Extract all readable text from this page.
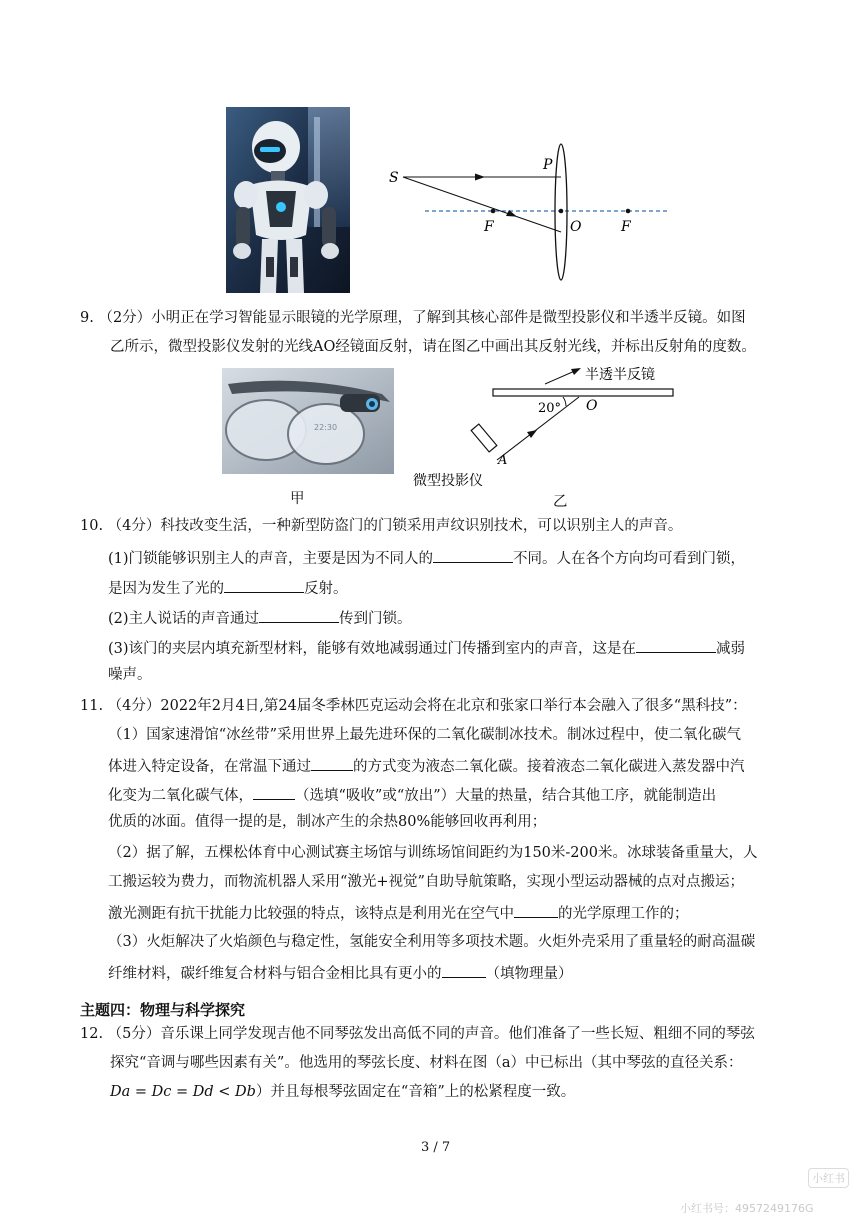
S
P
F	O	F
9. （2分）小明正在学习智能显示眼镜的光学原理，了解到其核心部件是微型投影仪和半透半反镜。如图
乙所示，微型投影仪发射的光线AO经镜面反射，请在图乙中画出其反射光线，并标出反射角的度数。
22:30
甲
半透半反镜
20° O
A
微型投影仪
乙
10. （4分）科技改变生活，一种新型防盗门的门锁采用声纹识别技术，可以识别主人的声音。
(1)门锁能够识别主人的声音，主要是因为不同人的	不同。人在各个方向均可看到门锁，
是因为发生了光的	反射。
(2)主人说话的声音通过	传到门锁。
(3)该门的夹层内填充新型材料，能够有效地减弱通过门传播到室内的声音，这是在	减弱
噪声。
11. （4分）2022年2月4日,第24届冬季林匹克运动会将在北京和张家口举行本会融入了很多“黑科技”：
（1）国家速滑馆“冰丝带”采用世界上最先进环保的二氧化碳制冰技术。制冰过程中，使二氧化碳气
体进入特定设备，在常温下通过	的方式变为液态二氧化碳。接着液态二氧化碳进入蒸发器中汽
化变为二氧化碳气体，	（选填“吸收”或“放出”）大量的热量，结合其他工序，就能制造出
优质的冰面。值得一提的是，制冰产生的余热80%能够回收再利用；
（2）据了解，五棵松体育中心测试赛主场馆与训练场馆间距约为150米-200米。冰球装备重量大，人
工搬运较为费力，而物流机器人采用“激光+视觉”自助导航策略，实现小型运动器械的点对点搬运；
激光测距有抗干扰能力比较强的特点，该特点是利用光在空气中	的光学原理工作的；
（3）火炬解决了火焰颜色与稳定性，氢能安全利用等多项技术题。火炬外壳采用了重量轻的耐高温碳
纤维材料，碳纤维复合材料与铝合金相比具有更小的	（填物理量）
主题四：物理与科学探究
12. （5分）音乐课上同学发现吉他不同琴弦发出高低不同的声音。他们准备了一些长短、粗细不同的琴弦
探究“音调与哪些因素有关”。他选用的琴弦长度、材料在图（a）中已标出（其中琴弦的直径关系：
Da = Dc = Dd < Db）并且每根琴弦固定在“音箱”上的松紧程度一致。
3 / 7
小红书
小红书号：4957249176G
